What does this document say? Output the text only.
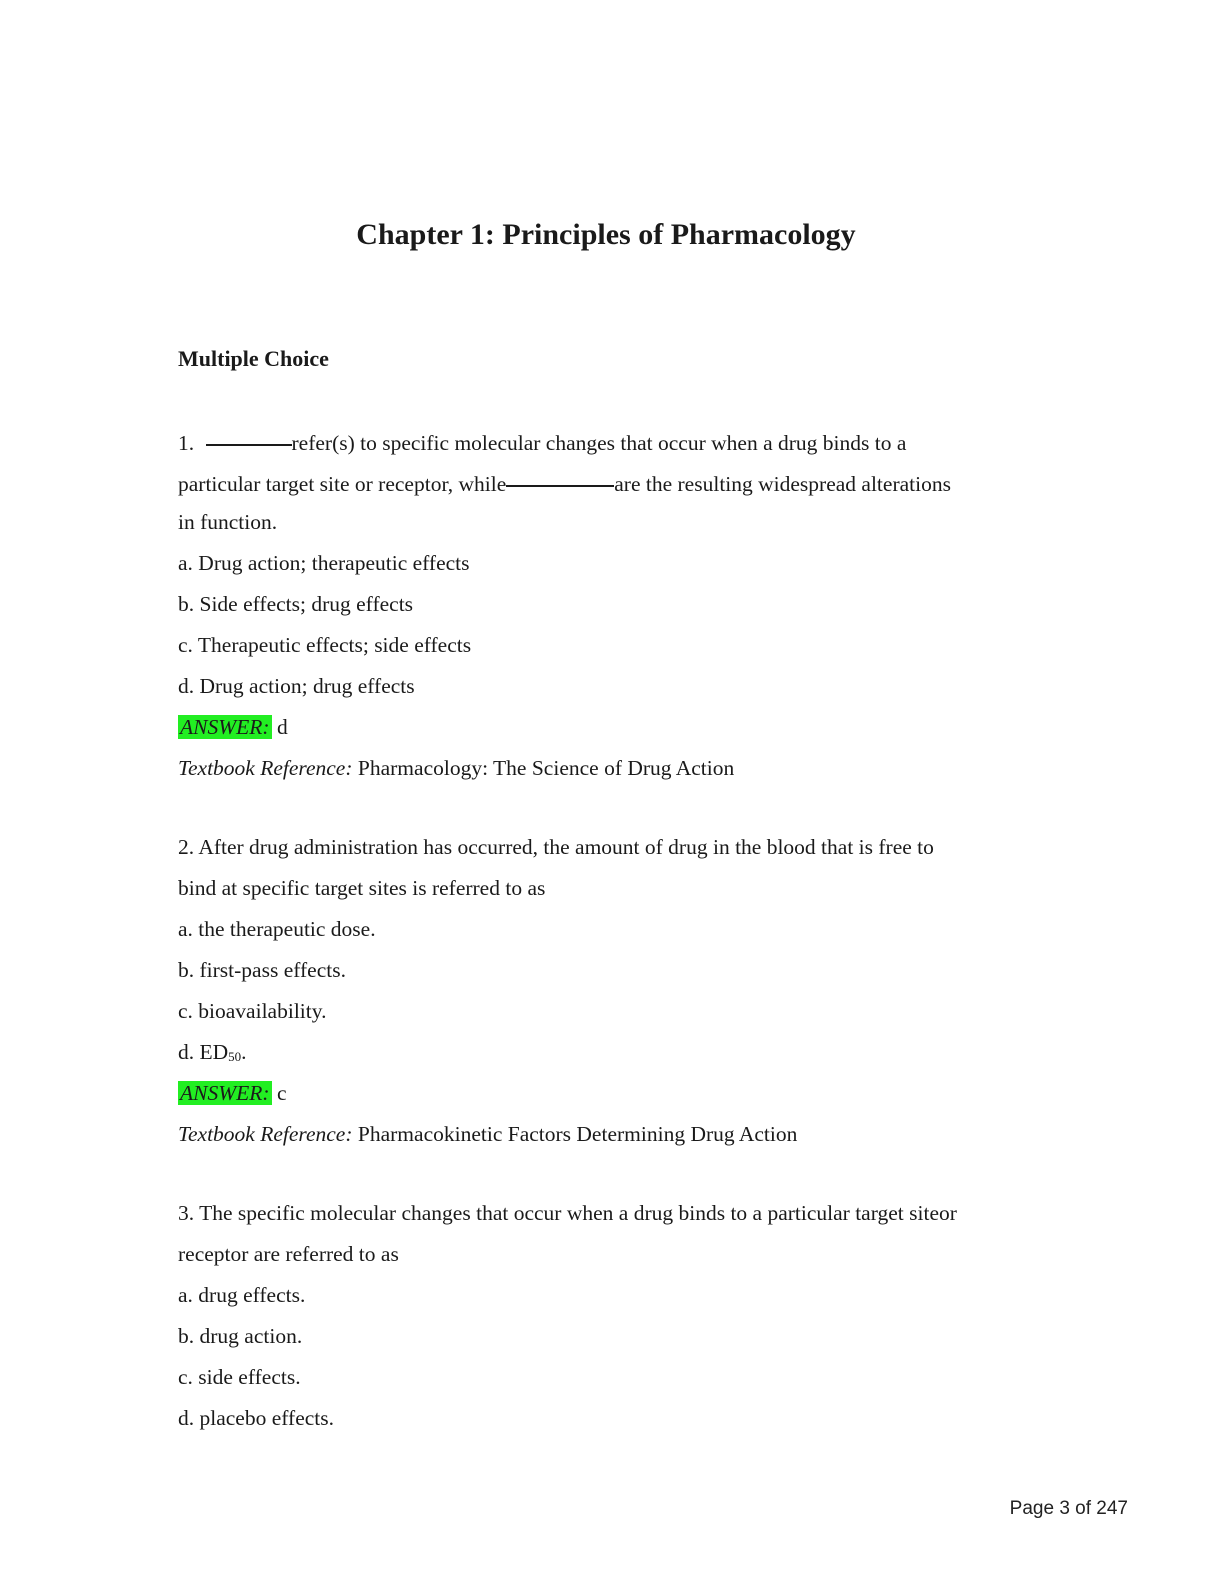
Chapter 1: Principles of Pharmacology
Multiple Choice
1.	refer(s) to specific molecular changes that occur when a drug binds to a
particular target site or receptor, while	are the resulting widespread alterations
in function.
a. Drug action; therapeutic effects
b. Side effects; drug effects
c. Therapeutic effects; side effects
d. Drug action; drug effects
ANSWER: d
Textbook Reference: Pharmacology: The Science of Drug Action
2. After drug administration has occurred, the amount of drug in the blood that is free to
bind at specific target sites is referred to as
a. the therapeutic dose.
b. first-pass effects.
c. bioavailability.
d. $ED_{50}$.
ANSWER: c
Textbook Reference: Pharmacokinetic Factors Determining Drug Action
3. The specific molecular changes that occur when a drug binds to a particular target siteor
receptor are referred to as
a. drug effects.
b. drug action.
c. side effects.
d. placebo effects.
Page 3 of 247
